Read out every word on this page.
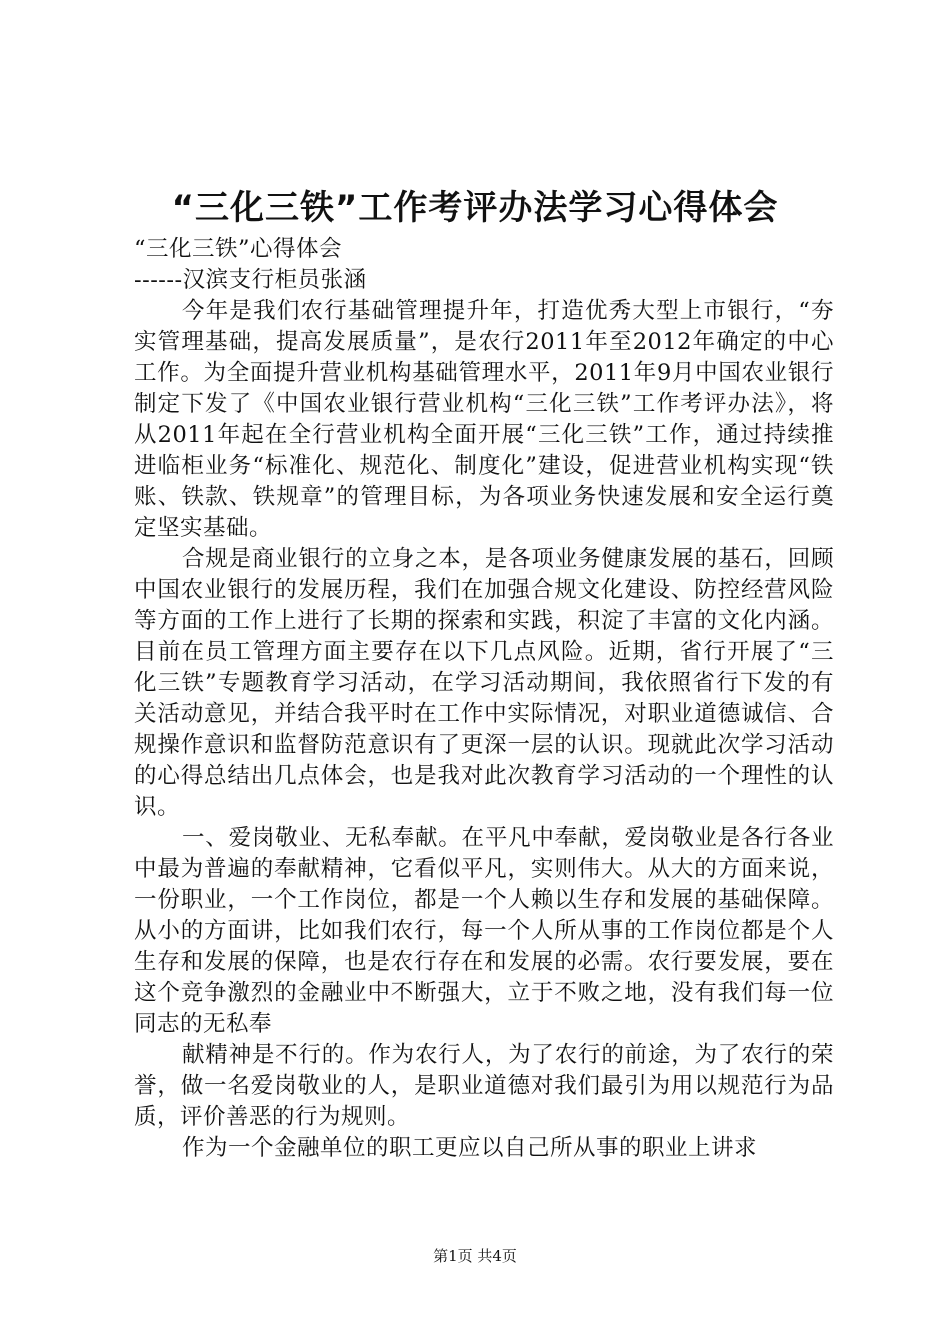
“三化三铁”工作考评办法学习心得体会

“三化三铁”心得体会

------汉滨支行柜员张涵

今年是我们农行基础管理提升年，打造优秀大型上市银行，“夯实管理基础，提高发展质量”，是农行2011年至2012年确定的中心工作。为全面提升营业机构基础管理水平，2011年9月中国农业银行制定下发了《中国农业银行营业机构“三化三铁”工作考评办法》，将从2011年起在全行营业机构全面开展“三化三铁”工作，通过持续推进临柜业务“标准化、规范化、制度化”建设，促进营业机构实现“铁账、铁款、铁规章”的管理目标，为各项业务快速发展和安全运行奠定坚实基础。

合规是商业银行的立身之本，是各项业务健康发展的基石，回顾中国农业银行的发展历程，我们在加强合规文化建设、防控经营风险等方面的工作上进行了长期的探索和实践，积淀了丰富的文化内涵。目前在员工管理方面主要存在以下几点风险。近期，省行开展了“三化三铁”专题教育学习活动，在学习活动期间，我依照省行下发的有关活动意见，并结合我平时在工作中实际情况，对职业道德诚信、合规操作意识和监督防范意识有了更深一层的认识。现就此次学习活动的心得总结出几点体会，也是我对此次教育学习活动的一个理性的认识。

一、爱岗敬业、无私奉献。在平凡中奉献，爱岗敬业是各行各业中最为普遍的奉献精神，它看似平凡，实则伟大。从大的方面来说，一份职业，一个工作岗位，都是一个人赖以生存和发展的基础保障。从小的方面讲，比如我们农行，每一个人所从事的工作岗位都是个人生存和发展的保障，也是农行存在和发展的必需。农行要发展，要在这个竞争激烈的金融业中不断强大，立于不败之地，没有我们每一位同志的无私奉

献精神是不行的。作为农行人，为了农行的前途，为了农行的荣誉，做一名爱岗敬业的人，是职业道德对我们最引为用以规范行为品质，评价善恶的行为规则。

作为一个金融单位的职工更应以自己所从事的职业上讲求

第1页 共4页
